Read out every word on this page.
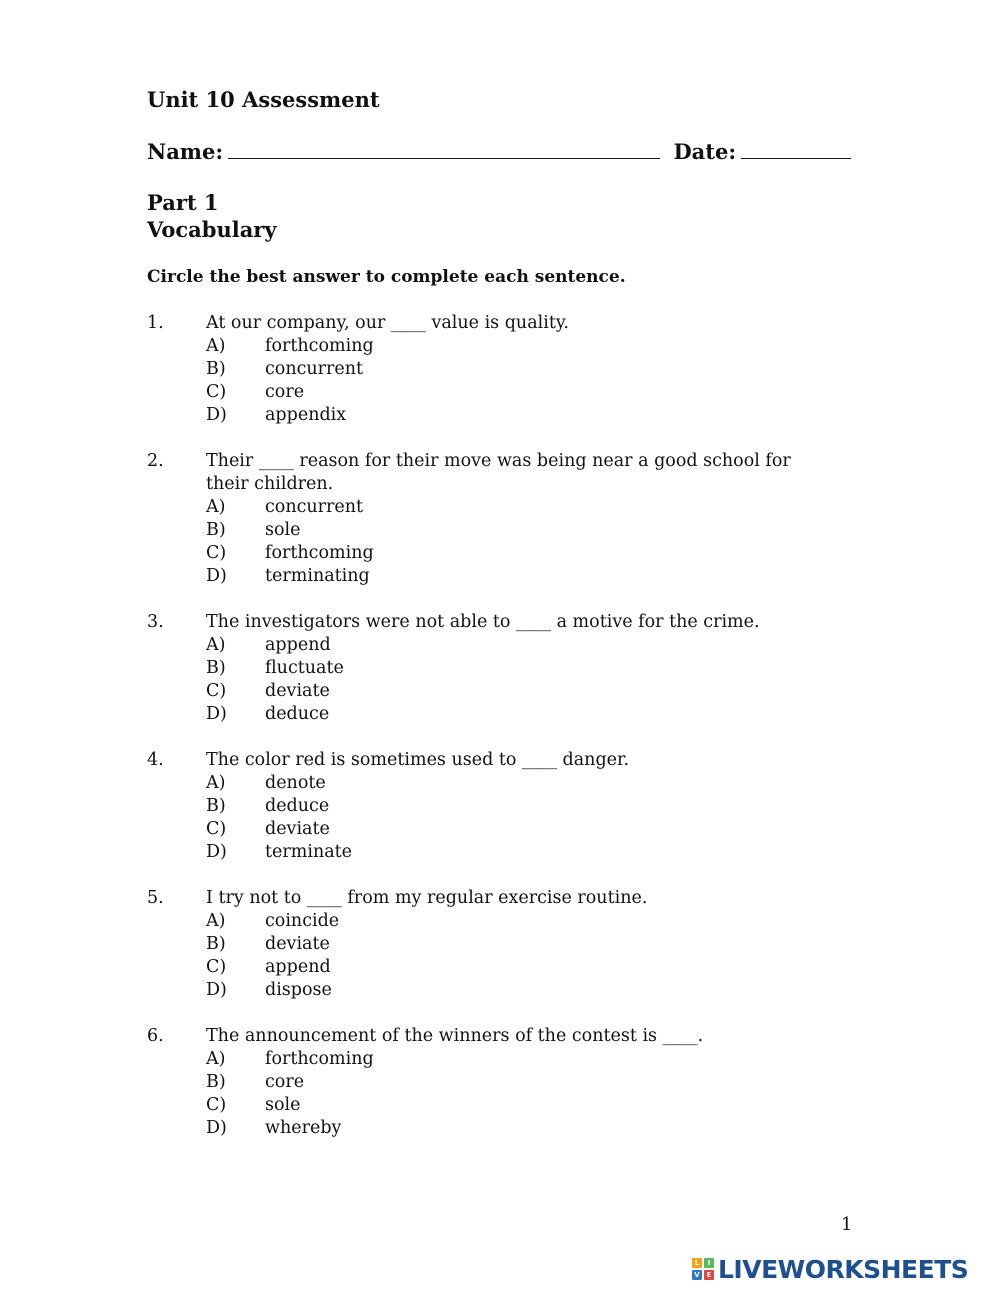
Unit 10 Assessment
Name:	Date:
Part 1
Vocabulary
Circle the best answer to complete each sentence.
1.	At our company, our ____ value is quality.
A) forthcoming
B) concurrent
C) core
D) appendix
2.	Their ____ reason for their move was being near a good school for their children.
A) concurrent
B) sole
C) forthcoming
D) terminating
3.	The investigators were not able to ____ a motive for the crime.
A) append
B) fluctuate
C) deviate
D) deduce
4.	The color red is sometimes used to ____ danger.
A) denote
B) deduce
C) deviate
D) terminate
5.	I try not to ____ from my regular exercise routine.
A) coincide
B) deviate
C) append
D) dispose
6.	The announcement of the winners of the contest is ____.
A) forthcoming
B) core
C) sole
D) whereby
1
L	I
V E LIVEWORKSHEETS
